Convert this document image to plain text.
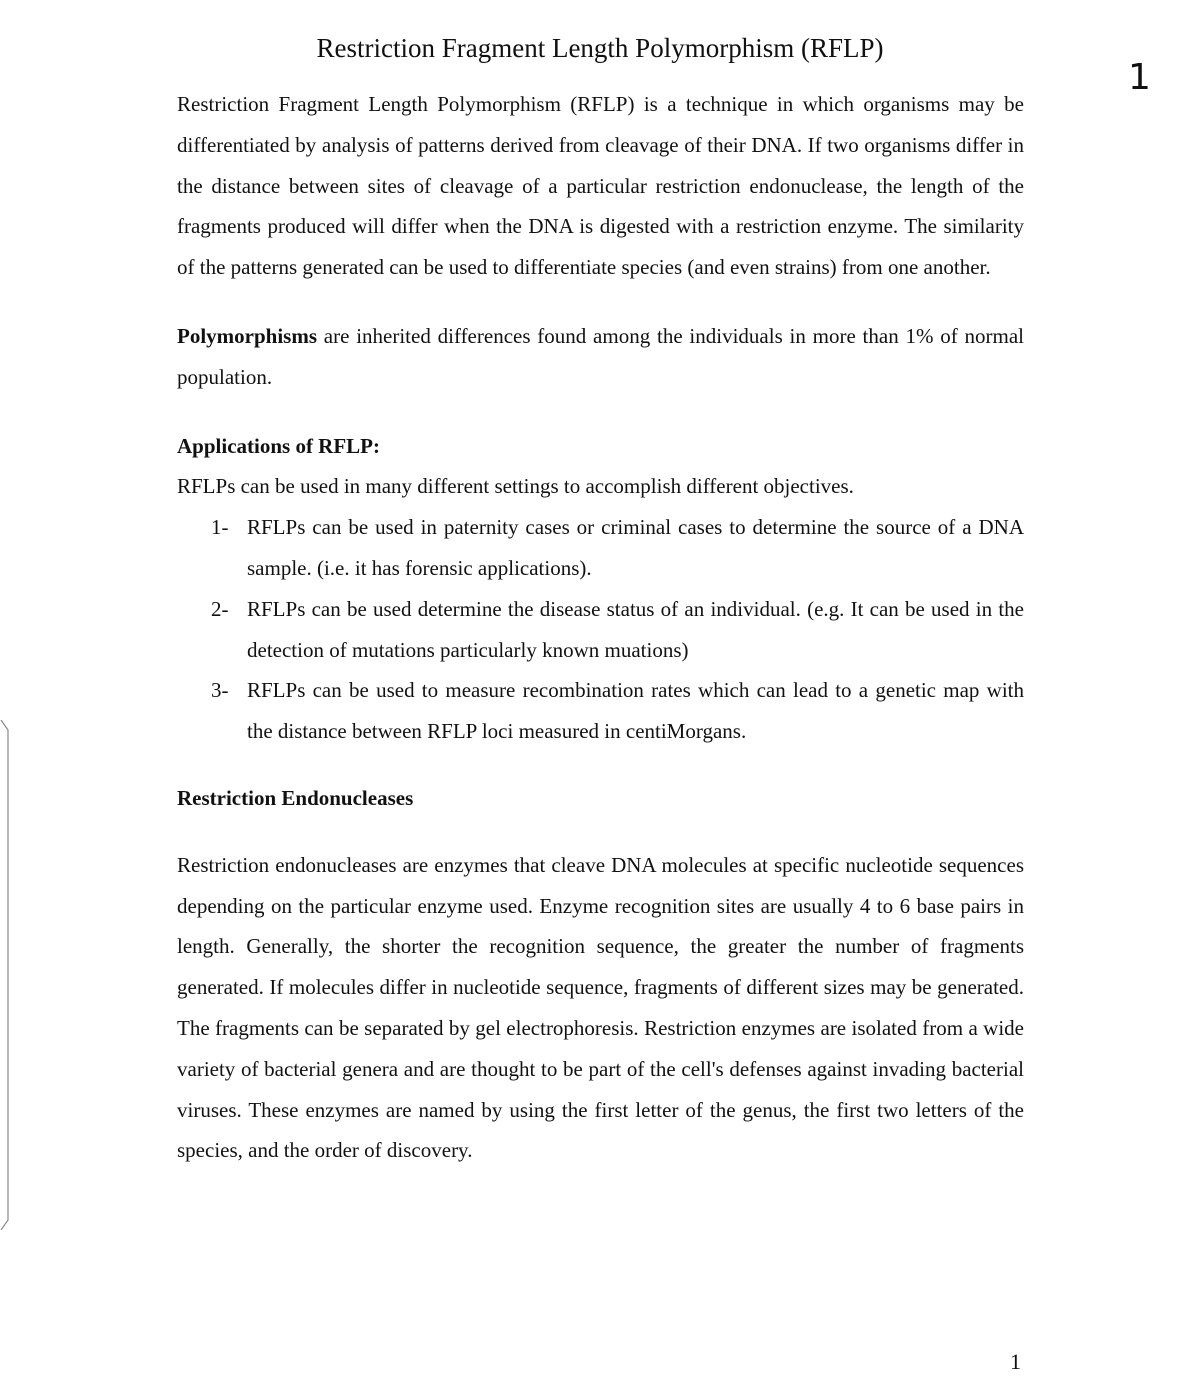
Restriction Fragment Length Polymorphism (RFLP)
1

Restriction Fragment Length Polymorphism (RFLP) is a technique in which organisms may be differentiated by analysis of patterns derived from cleavage of their DNA. If two organisms differ in the distance between sites of cleavage of a particular restriction endonuclease, the length of the fragments produced will differ when the DNA is digested with a restriction enzyme. The similarity of the patterns generated can be used to differentiate species (and even strains) from one another.

Polymorphisms are inherited differences found among the individuals in more than 1% of normal population.

Applications of RFLP:

RFLPs can be used in many different settings to accomplish different objectives.

1- RFLPs can be used in paternity cases or criminal cases to determine the source of a DNA sample. (i.e. it has forensic applications).
2- RFLPs can be used determine the disease status of an individual. (e.g. It can be used in the detection of mutations particularly known muations)
3- RFLPs can be used to measure recombination rates which can lead to a genetic map with the distance between RFLP loci measured in centiMorgans.
Restriction Endonucleases

Restriction endonucleases are enzymes that cleave DNA molecules at specific nucleotide sequences depending on the particular enzyme used. Enzyme recognition sites are usually 4 to 6 base pairs in length. Generally, the shorter the recognition sequence, the greater the number of fragments generated. If molecules differ in nucleotide sequence, fragments of different sizes may be generated. The fragments can be separated by gel electrophoresis. Restriction enzymes are isolated from a wide variety of bacterial genera and are thought to be part of the cell's defenses against invading bacterial viruses. These enzymes are named by using the first letter of the genus, the first two letters of the species, and the order of discovery.

1
